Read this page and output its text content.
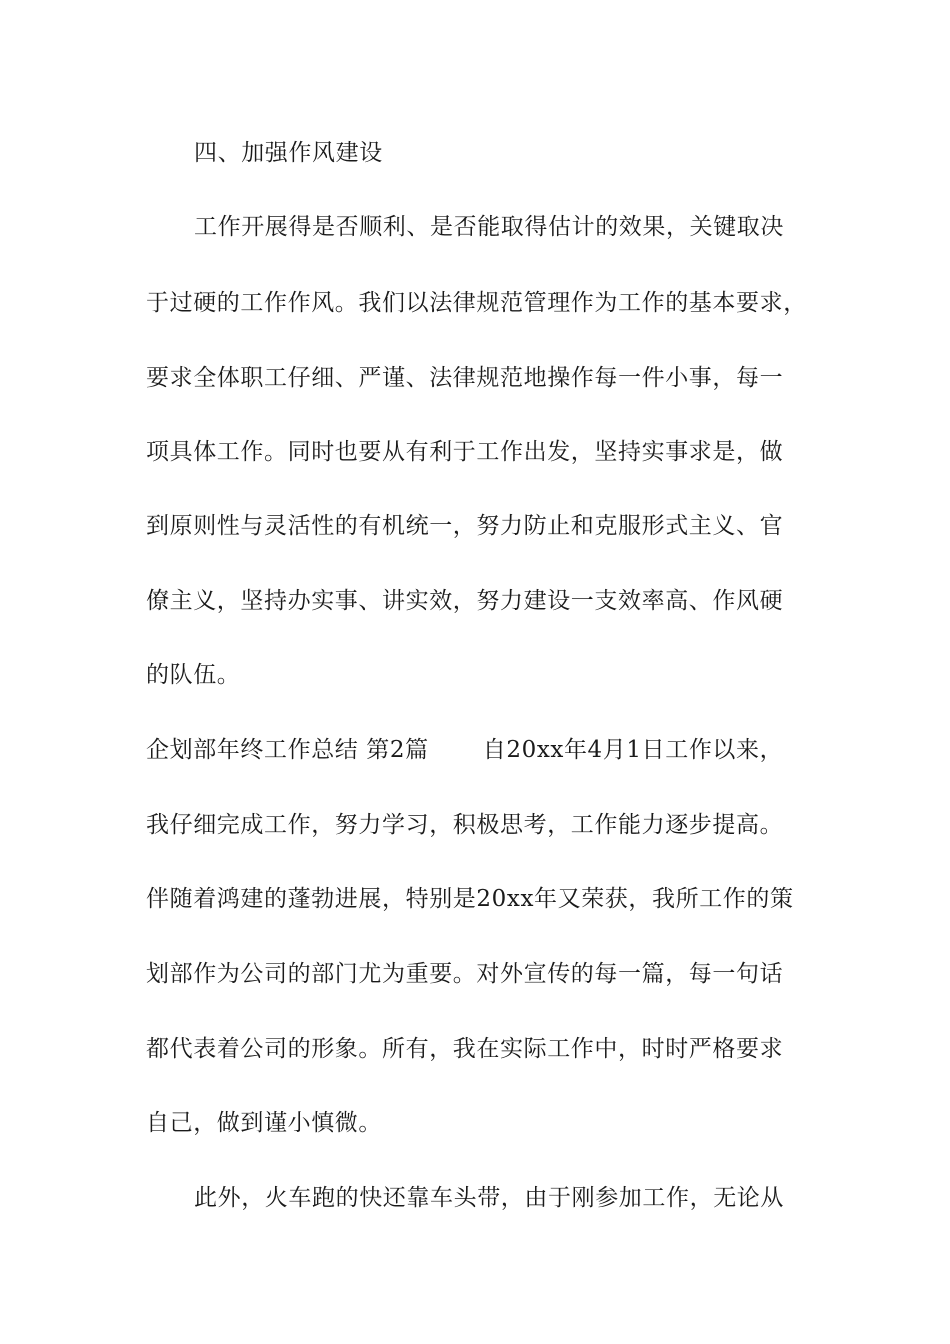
四、加强作风建设
工作开展得是否顺利、是否能取得估计的效果，关键取决
于过硬的工作作风。我们以法律规范管理作为工作的基本要求，
要求全体职工仔细、严谨、法律规范地操作每一件小事，每一
项具体工作。同时也要从有利于工作出发，坚持实事求是，做
到原则性与灵活性的有机统一，努力防止和克服形式主义、官
僚主义，坚持办实事、讲实效，努力建设一支效率高、作风硬
的队伍。
企划部年终工作总结 第2篇 自20xx年4月1日工作以来，
我仔细完成工作，努力学习，积极思考，工作能力逐步提高。
伴随着鸿建的蓬勃进展，特别是20xx年又荣获，我所工作的策
划部作为公司的部门尤为重要。对外宣传的每一篇，每一句话
都代表着公司的形象。所有，我在实际工作中，时时严格要求
自己，做到谨小慎微。
此外，火车跑的快还靠车头带，由于刚参加工作，无论从
